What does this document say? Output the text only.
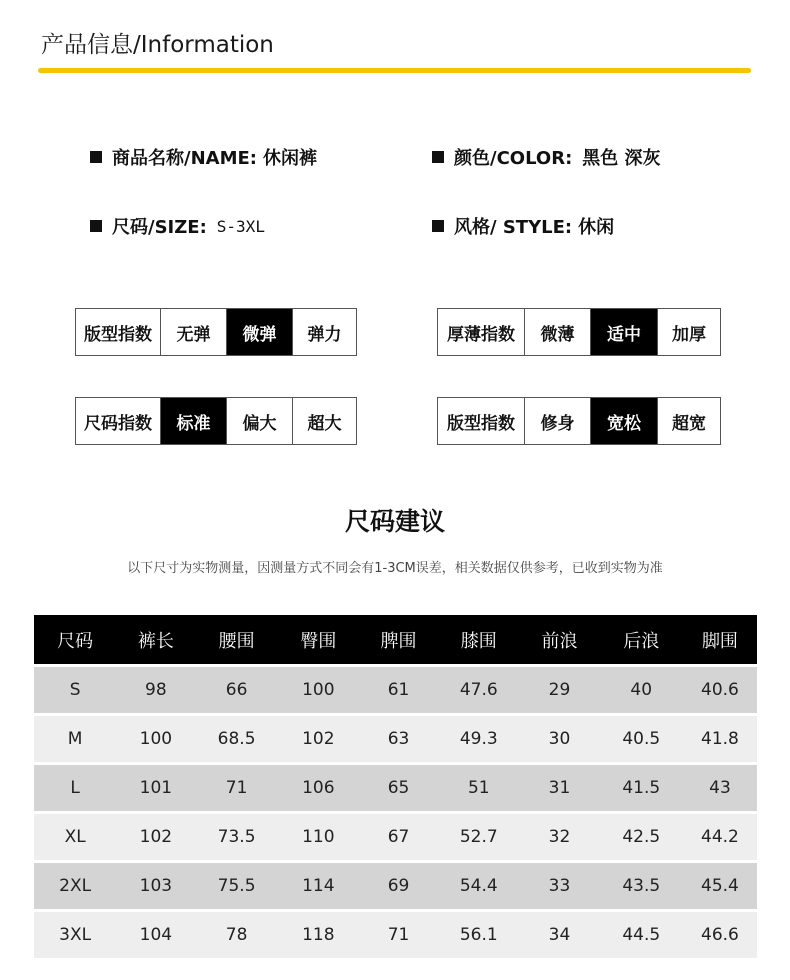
产品信息/Information
商品名称/NAME: 休闲裤	颜色/COLOR: 黑色 深灰
尺码/SIZE: S-3XL	风格/ STYLE: 休闲
版型指数	无弹	微弹	弹力	厚薄指数	微薄	适中	加厚
尺码指数	标准	偏大	超大	版型指数	修身	宽松	超宽
尺码建议
以下尺寸为实物测量，因测量方式不同会有1-3CM误差，相关数据仅供参考，已收到实物为准
尺码	裤长	腰围	臀围	脾围	膝围	前浪	后浪	脚围
S	98	66	100	61	47.6	29	40	40.6
M	100	68.5	102	63	49.3	30	40.5	41.8
L	101	71	106	65	51	31	41.5	43
XL	102	73.5	110	67	52.7	32	42.5	44.2
2XL	103	75.5	114	69	54.4	33	43.5	45.4
3XL	104	78	118	71	56.1	34	44.5	46.6
